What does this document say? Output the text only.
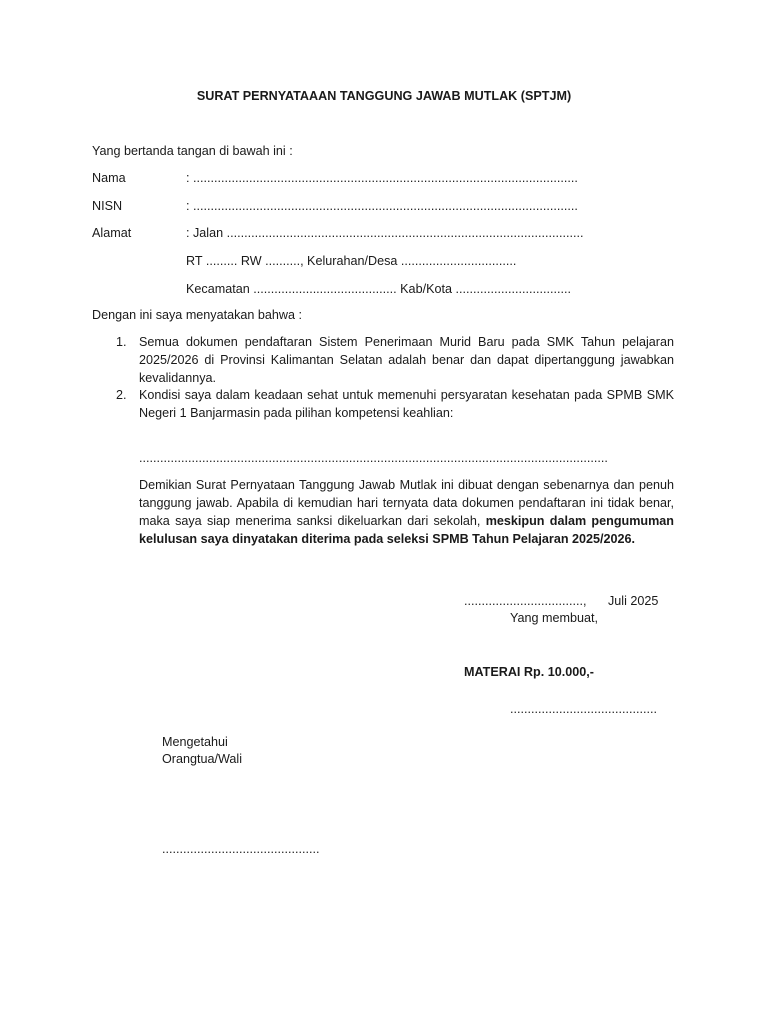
SURAT PERNYATAAAN TANGGUNG JAWAB MUTLAK (SPTJM)
Yang bertanda tangan di bawah ini :
Nama	: ..............................................................................................................
NISN	: ..............................................................................................................
Alamat	: Jalan ......................................................................................................
RT ......... RW .........., Kelurahan/Desa .................................
Kecamatan ......................................... Kab/Kota .................................
Dengan ini saya menyatakan bahwa :
1. Semua dokumen pendaftaran Sistem Penerimaan Murid Baru pada SMK Tahun pelajaran 2025/2026 di Provinsi Kalimantan Selatan adalah benar dan dapat dipertanggung jawabkan kevalidannya.
2. Kondisi saya dalam keadaan sehat untuk memenuhi persyaratan kesehatan pada SPMB SMK Negeri 1 Banjarmasin pada pilihan kompetensi keahlian:
......................................................................................................................................
Demikian Surat Pernyataan Tanggung Jawab Mutlak ini dibuat dengan sebenarnya dan penuh tanggung jawab. Apabila di kemudian hari ternyata data dokumen pendaftaran ini tidak benar, maka saya siap menerima sanksi dikeluarkan dari sekolah, meskipun dalam pengumuman kelulusan saya dinyatakan diterima pada seleksi SPMB Tahun Pelajaran 2025/2026.
.................................., Juli 2025
Yang membuat,
MATERAI Rp. 10.000,-
..........................................
Mengetahui
Orangtua/Wali
.............................................
